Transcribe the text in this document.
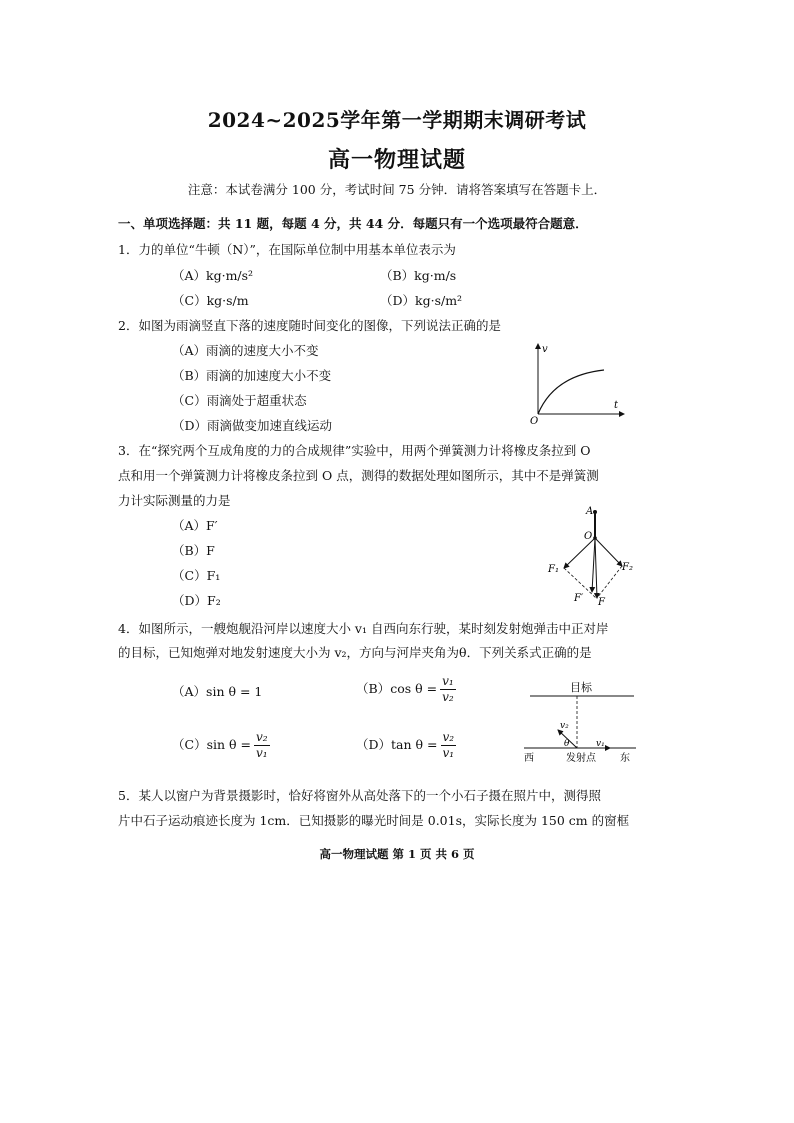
2024~2025学年第一学期期末调研考试
高一物理试题
注意：本试卷满分 100 分，考试时间 75 分钟．请将答案填写在答题卡上．
一、单项选择题：共 11 题，每题 4 分，共 44 分．每题只有一个选项最符合题意．
1．力的单位“牛顿（N）”，在国际单位制中用基本单位表示为
（A）kg·m/s²	（B）kg·m/s
（C）kg·s/m	（D）kg·s/m²
2．如图为雨滴竖直下落的速度随时间变化的图像，下列说法正确的是
（A）雨滴的速度大小不变
（B）雨滴的加速度大小不变
（C）雨滴处于超重状态
（D）雨滴做变加速直线运动
v
t
O
3．在“探究两个互成角度的力的合成规律”实验中，用两个弹簧测力计将橡皮条拉到 O
点和用一个弹簧测力计将橡皮条拉到 O 点，测得的数据处理如图所示，其中不是弹簧测
力计实际测量的力是
（A）F′
（B）F
（C）F₁
（D）F₂
A
O
F₁	F₂
F′ F
4．如图所示，一艘炮舰沿河岸以速度大小 v₁ 自西向东行驶，某时刻发射炮弹击中正对岸
的目标，已知炮弹对地发射速度大小为 v₂，方向与河岸夹角为θ．下列关系式正确的是
（A）sin θ = 1	（B）cos $\theta = \frac{\text{v₁}}{\text{v₂}}$
（C）sin $\theta = \frac{\text{v₂}}{\text{v₁}}$	（D）tan $\theta = \frac{\text{v₂}}{\text{v₁}}$
目标
v₂
θ	v₁
西	发射点 东
5．某人以窗户为背景摄影时，恰好将窗外从高处落下的一个小石子摄在照片中，测得照
片中石子运动痕迹长度为 1cm．已知摄影的曝光时间是 0.01s，实际长度为 150 cm 的窗框
高一物理试题 第 1 页 共 6 页
